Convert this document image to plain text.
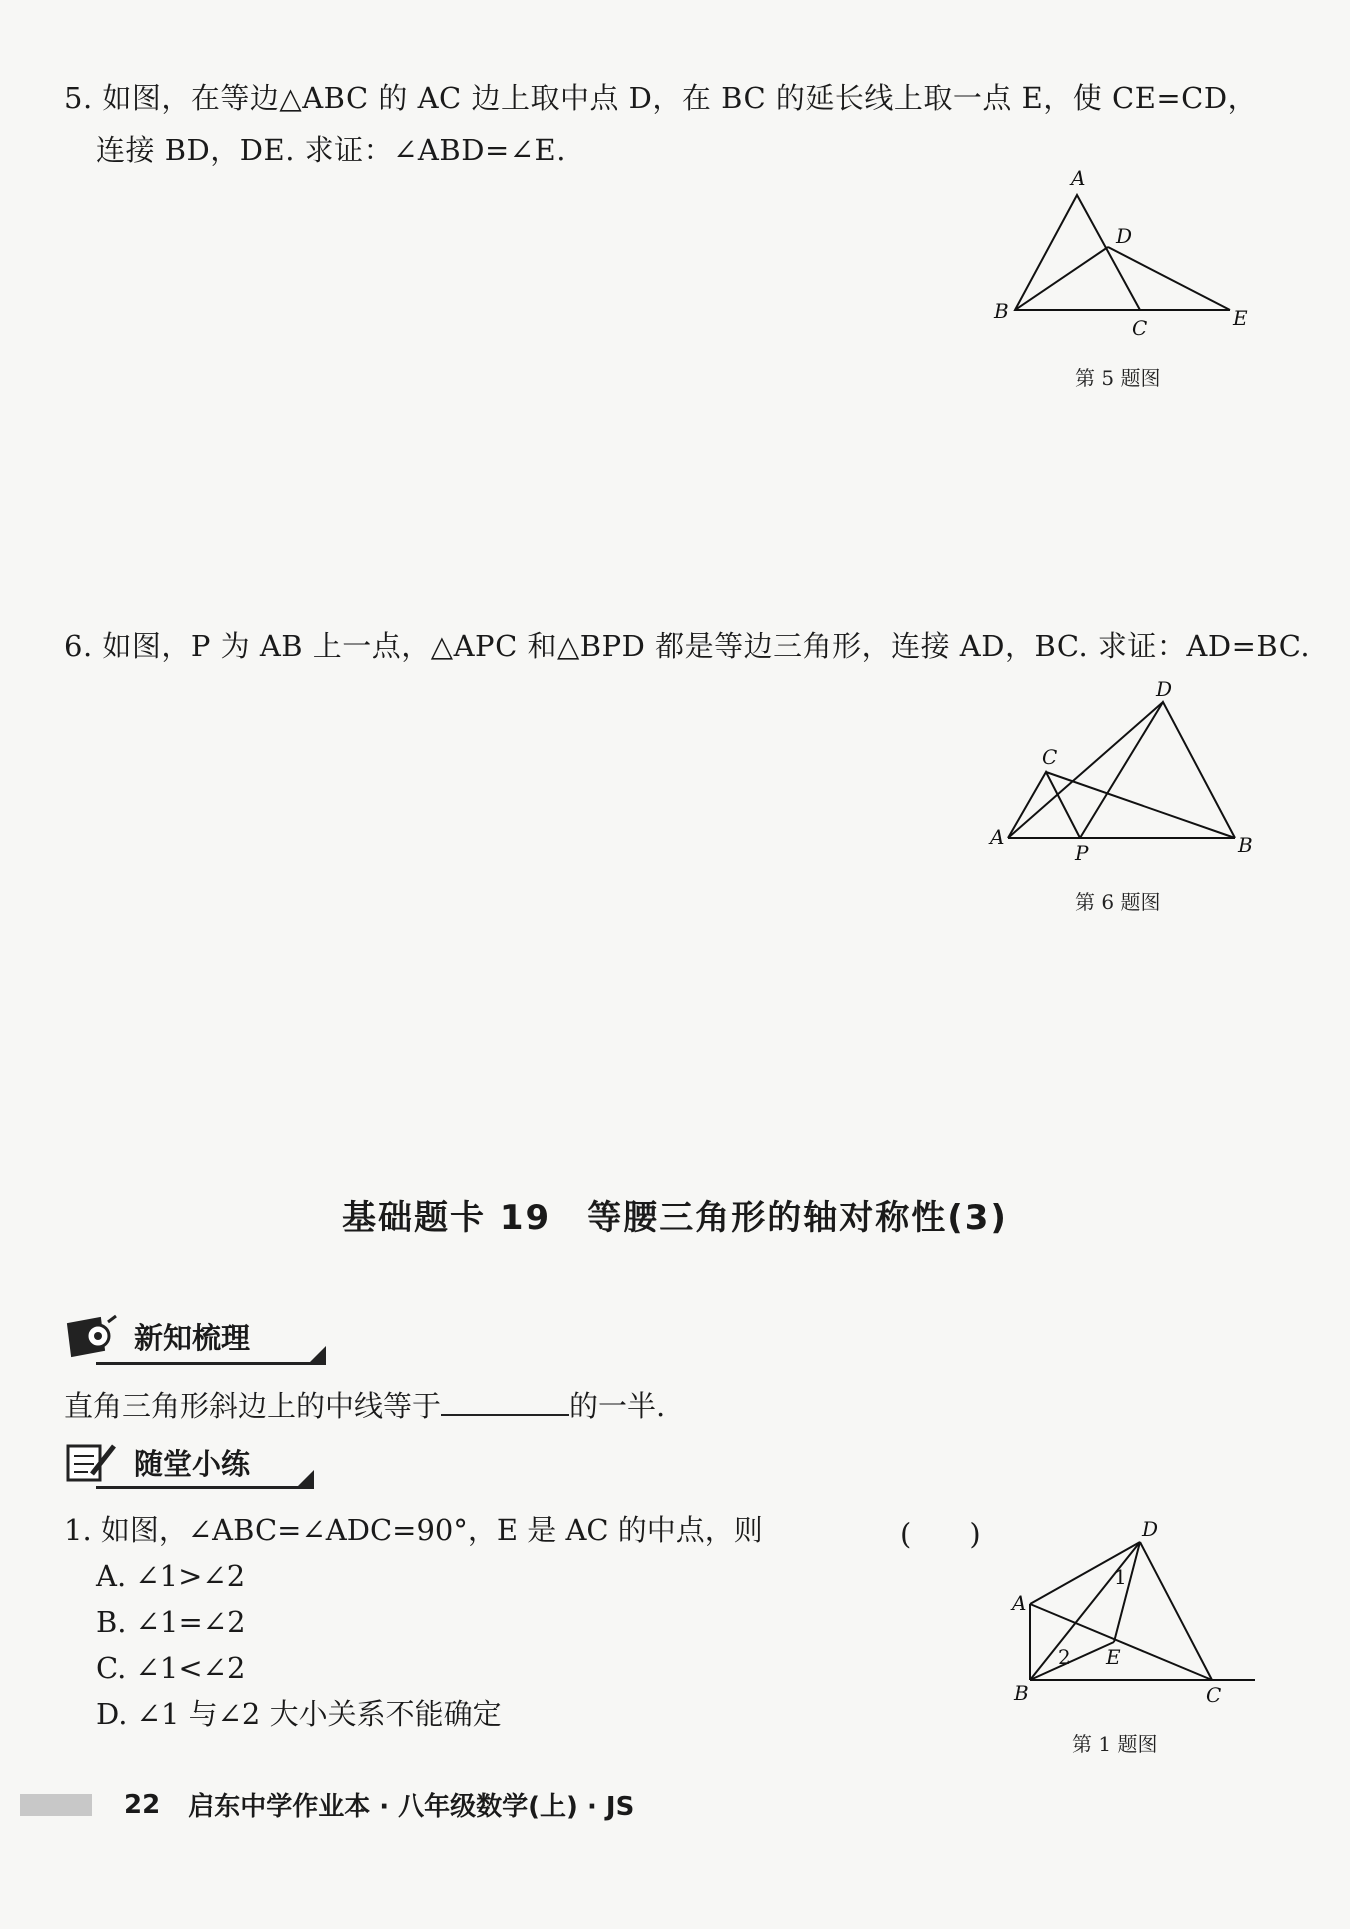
5. 如图，在等边△ABC 的 AC 边上取中点 D，在 BC 的延长线上取一点 E，使 CE=CD，
连接 BD，DE. 求证：∠ABD=∠E.
A
D
B
C	E
第 5 题图
6. 如图，P 为 AB 上一点，△APC 和△BPD 都是等边三角形，连接 AD，BC. 求证：AD=BC.
D
C
A
P	B
第 6 题图
基础题卡 19　等腰三角形的轴对称性(3)
新知梳理
直角三角形斜边上的中线等于	的一半.
随堂小练
1. 如图，∠ABC=∠ADC=90°，E 是 AC 的中点，则	(　　)
A. ∠1>∠2
B. ∠1=∠2
C. ∠1<∠2
D. ∠1 与∠2 大小关系不能确定
D
A
1
2 E
B	C
第 1 题图
22 启东中学作业本 · 八年级数学(上) · JS
